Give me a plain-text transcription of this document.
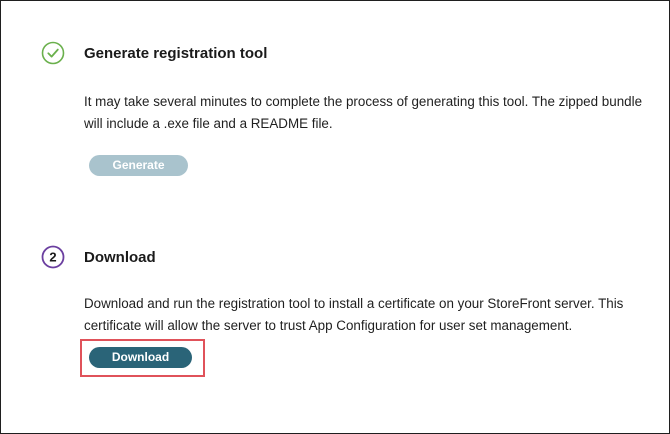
Generate registration tool
It may take several minutes to complete the process of generating this tool. The zipped bundle will include a .exe file and a README file.
Generate
2 Download
Download and run the registration tool to install a certificate on your StoreFront server. This certificate will allow the server to trust App Configuration for user set management.
Download
